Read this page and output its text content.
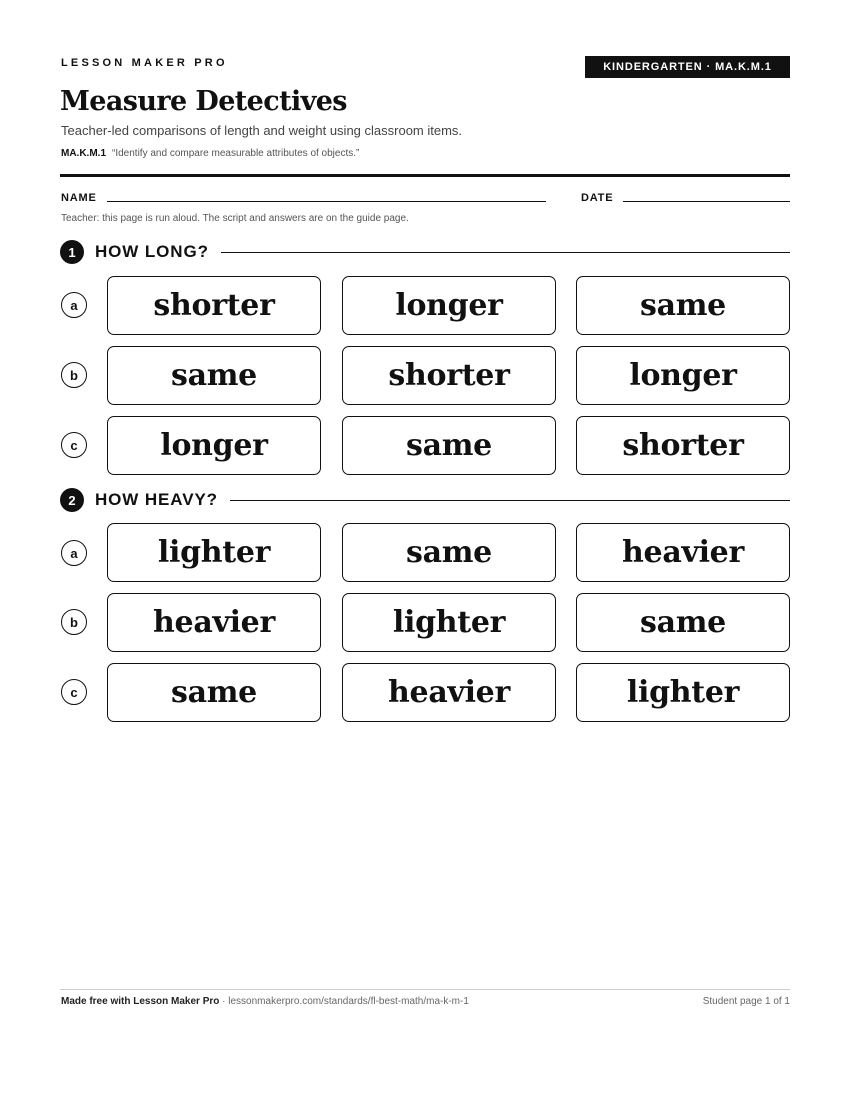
LESSON MAKER PRO	KINDERGARTEN · MA.K.M.1
Measure Detectives
Teacher-led comparisons of length and weight using classroom items.
MA.K.M.1 “Identify and compare measurable attributes of objects.”
NAME	DATE
Teacher: this page is run aloud. The script and answers are on the guide page.
1	HOW LONG?
a	shorter	longer	same
b	same	shorter	longer
c	longer	same	shorter
2	HOW HEAVY?
a	lighter	same	heavier
b	heavier	lighter	same
c	same	heavier	lighter
Made free with Lesson Maker Pro · lessonmakerpro.com/standards/fl-best-math/ma-k-m-1	Student page 1 of 1
